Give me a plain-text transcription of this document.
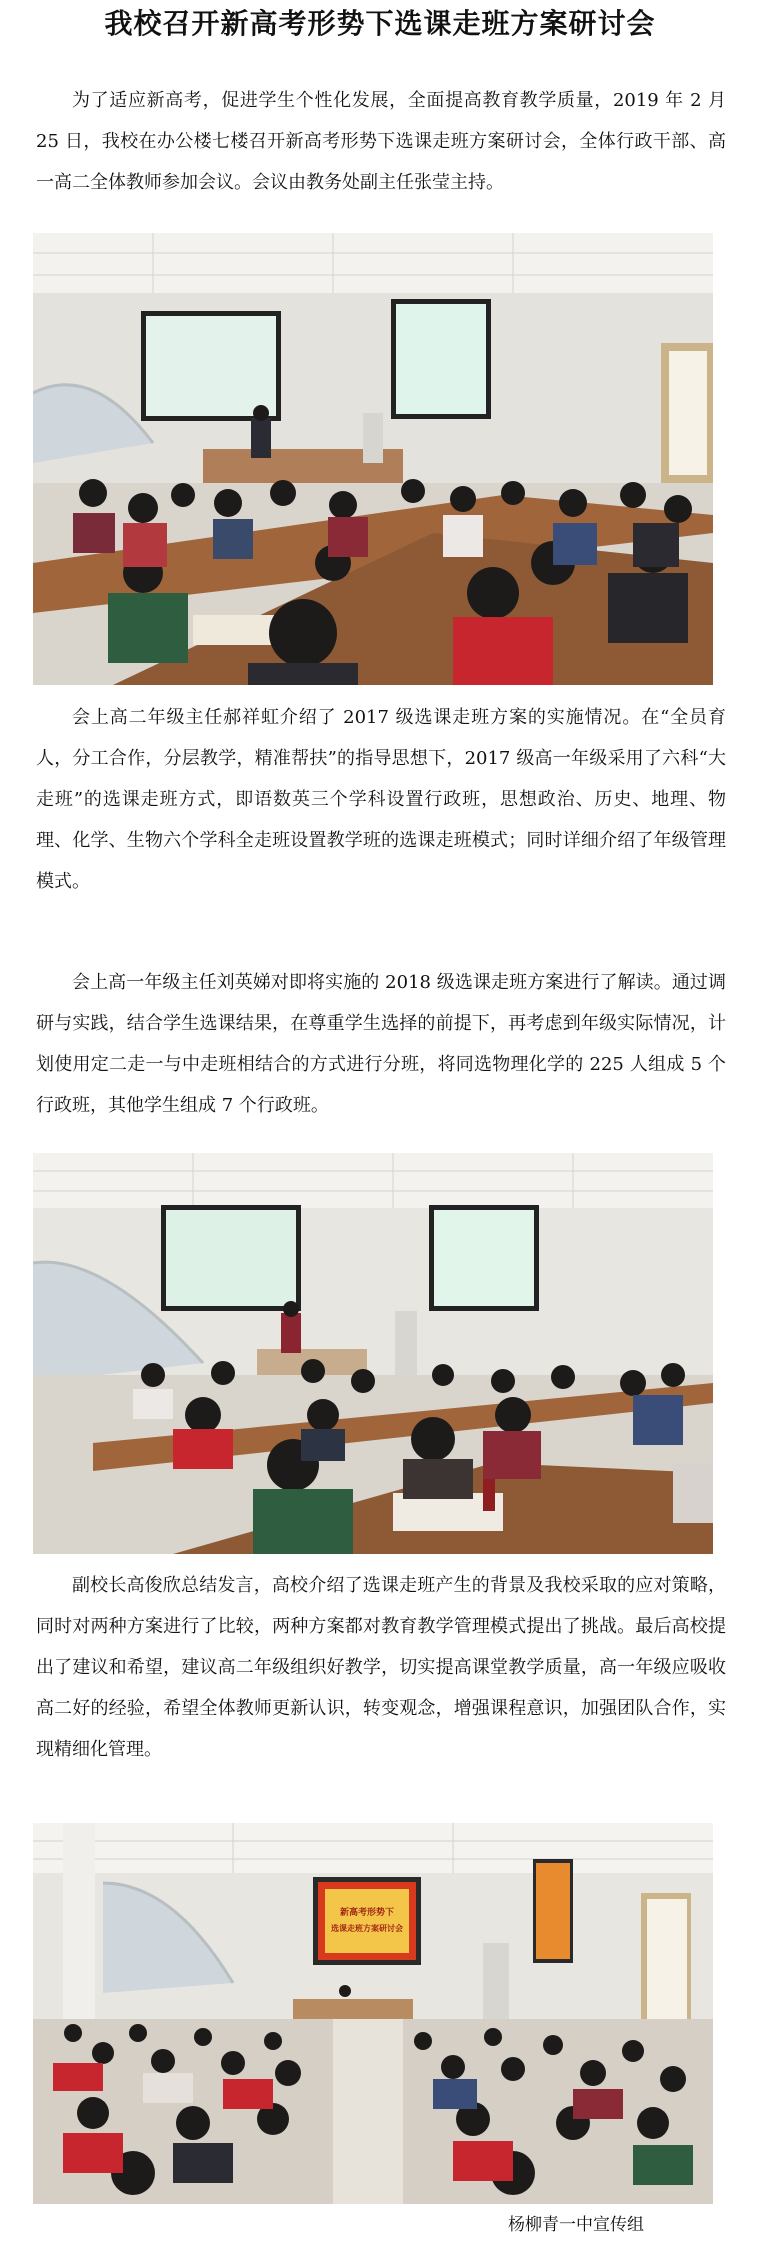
我校召开新高考形势下选课走班方案研讨会

为了适应新高考，促进学生个性化发展，全面提高教育教学质量，2019 年 2 月 25 日，我校在办公楼七楼召开新高考形势下选课走班方案研讨会，全体行政干部、高一高二全体教师参加会议。会议由教务处副主任张莹主持。

会上高二年级主任郝祥虹介绍了 2017 级选课走班方案的实施情况。在“全员育人，分工合作，分层教学，精准帮扶”的指导思想下，2017 级高一年级采用了六科“大走班”的选课走班方式，即语数英三个学科设置行政班，思想政治、历史、地理、物理、化学、生物六个学科全走班设置教学班的选课走班模式；同时详细介绍了年级管理模式。

会上高一年级主任刘英娣对即将实施的 2018 级选课走班方案进行了解读。通过调研与实践，结合学生选课结果，在尊重学生选择的前提下，再考虑到年级实际情况，计划使用定二走一与中走班相结合的方式进行分班，将同选物理化学的 225 人组成 5 个行政班，其他学生组成 7 个行政班。

副校长高俊欣总结发言，高校介绍了选课走班产生的背景及我校采取的应对策略，同时对两种方案进行了比较，两种方案都对教育教学管理模式提出了挑战。最后高校提出了建议和希望，建议高二年级组织好教学，切实提高课堂教学质量，高一年级应吸收高二好的经验，希望全体教师更新认识，转变观念，增强课程意识，加强团队合作，实现精细化管理。

新高考形势下
选课走班方案研讨会
杨柳青一中宣传组
